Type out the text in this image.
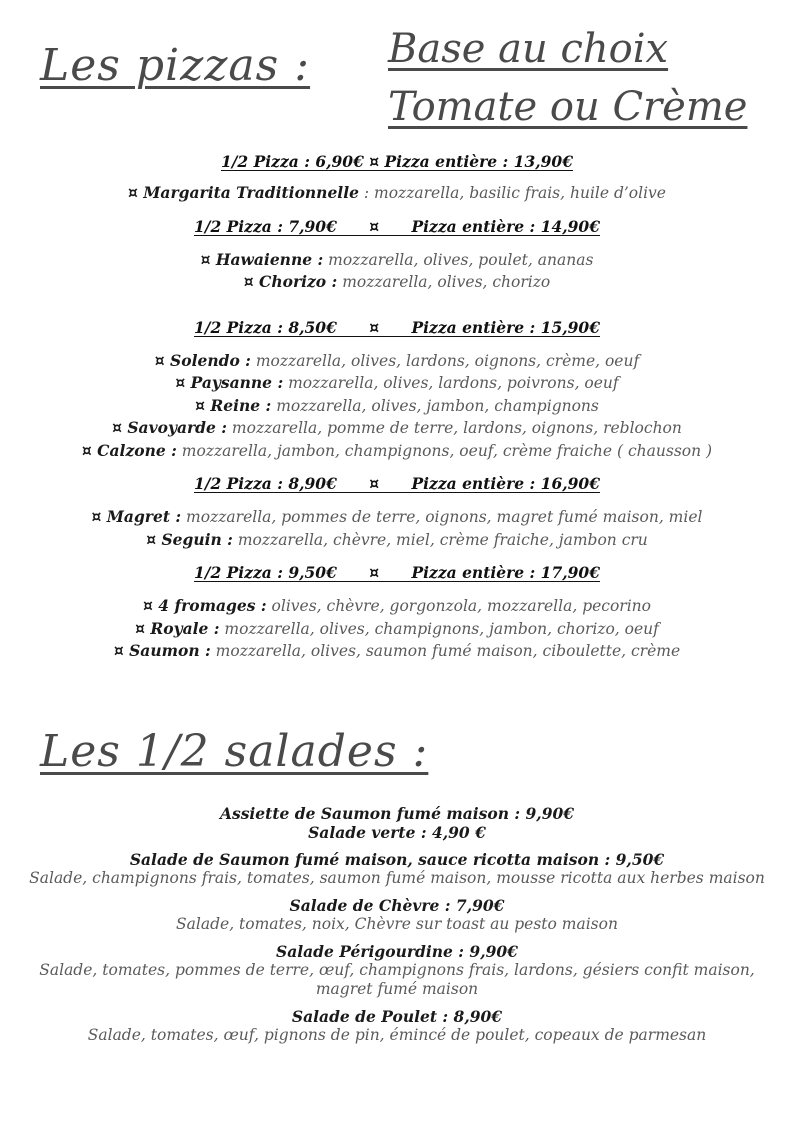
Les pizzas : Base au choix
Tomate ou Crème
1/2 Pizza : 6,90€ ¤ Pizza entière : 13,90€
¤ Margarita Traditionnelle : mozzarella, basilic frais, huile d’olive
1/2 Pizza : 7,90€      ¤      Pizza entière : 14,90€
¤ Hawaienne : mozzarella, olives, poulet, ananas
¤ Chorizo : mozzarella, olives, chorizo
1/2 Pizza : 8,50€      ¤      Pizza entière : 15,90€
¤ Solendo : mozzarella, olives, lardons, oignons, crème, oeuf
¤ Paysanne : mozzarella, olives, lardons, poivrons, oeuf
¤ Reine : mozzarella, olives, jambon, champignons
¤ Savoyarde : mozzarella, pomme de terre, lardons, oignons, reblochon
¤ Calzone : mozzarella, jambon, champignons, oeuf, crème fraiche ( chausson )
1/2 Pizza : 8,90€      ¤      Pizza entière : 16,90€
¤ Magret : mozzarella, pommes de terre, oignons, magret fumé maison, miel
¤ Seguin : mozzarella, chèvre, miel, crème fraiche, jambon cru
1/2 Pizza : 9,50€      ¤      Pizza entière : 17,90€
¤ 4 fromages : olives, chèvre, gorgonzola, mozzarella, pecorino
¤ Royale : mozzarella, olives, champignons, jambon, chorizo, oeuf
¤ Saumon : mozzarella, olives, saumon fumé maison, ciboulette, crème
Les 1/2 salades :
Assiette de Saumon fumé maison : 9,90€
Salade verte : 4,90 €
Salade de Saumon fumé maison, sauce ricotta maison : 9,50€
Salade, champignons frais, tomates, saumon fumé maison, mousse ricotta aux herbes maison
Salade de Chèvre : 7,90€
Salade, tomates, noix, Chèvre sur toast au pesto maison
Salade Périgourdine : 9,90€
Salade, tomates, pommes de terre, œuf, champignons frais, lardons, gésiers confit maison, magret fumé maison
Salade de Poulet : 8,90€
Salade, tomates, œuf, pignons de pin, émincé de poulet, copeaux de parmesan
